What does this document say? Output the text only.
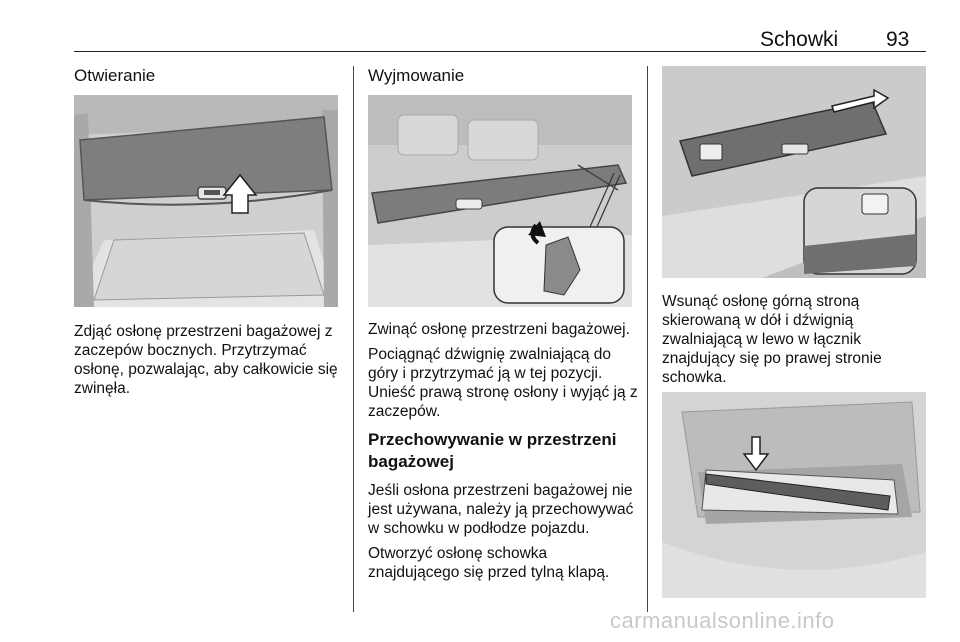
Schowki 93
Otwieranie

Zdjąć osłonę przestrzeni bagażowej z zaczepów bocznych. Przytrzymać osłonę, pozwalając, aby całkowicie się zwinęła.

Wyjmowanie

Zwinąć osłonę przestrzeni bagażowej.

Pociągnąć dźwignię zwalniającą do góry i przytrzymać ją w tej pozycji. Unieść prawą stronę osłony i wyjąć ją z zaczepów.

Przechowywanie w przestrzeni bagażowej

Jeśli osłona przestrzeni bagażowej nie jest używana, należy ją przechowywać w schowku w podłodze pojazdu.

Otworzyć osłonę schowka znajdującego się przed tylną klapą.

Wsunąć osłonę górną stroną skierowaną w dół i dźwignią zwalniającą w lewo w łącznik znajdujący się po prawej stronie schowka.

carmanualsonline.info
